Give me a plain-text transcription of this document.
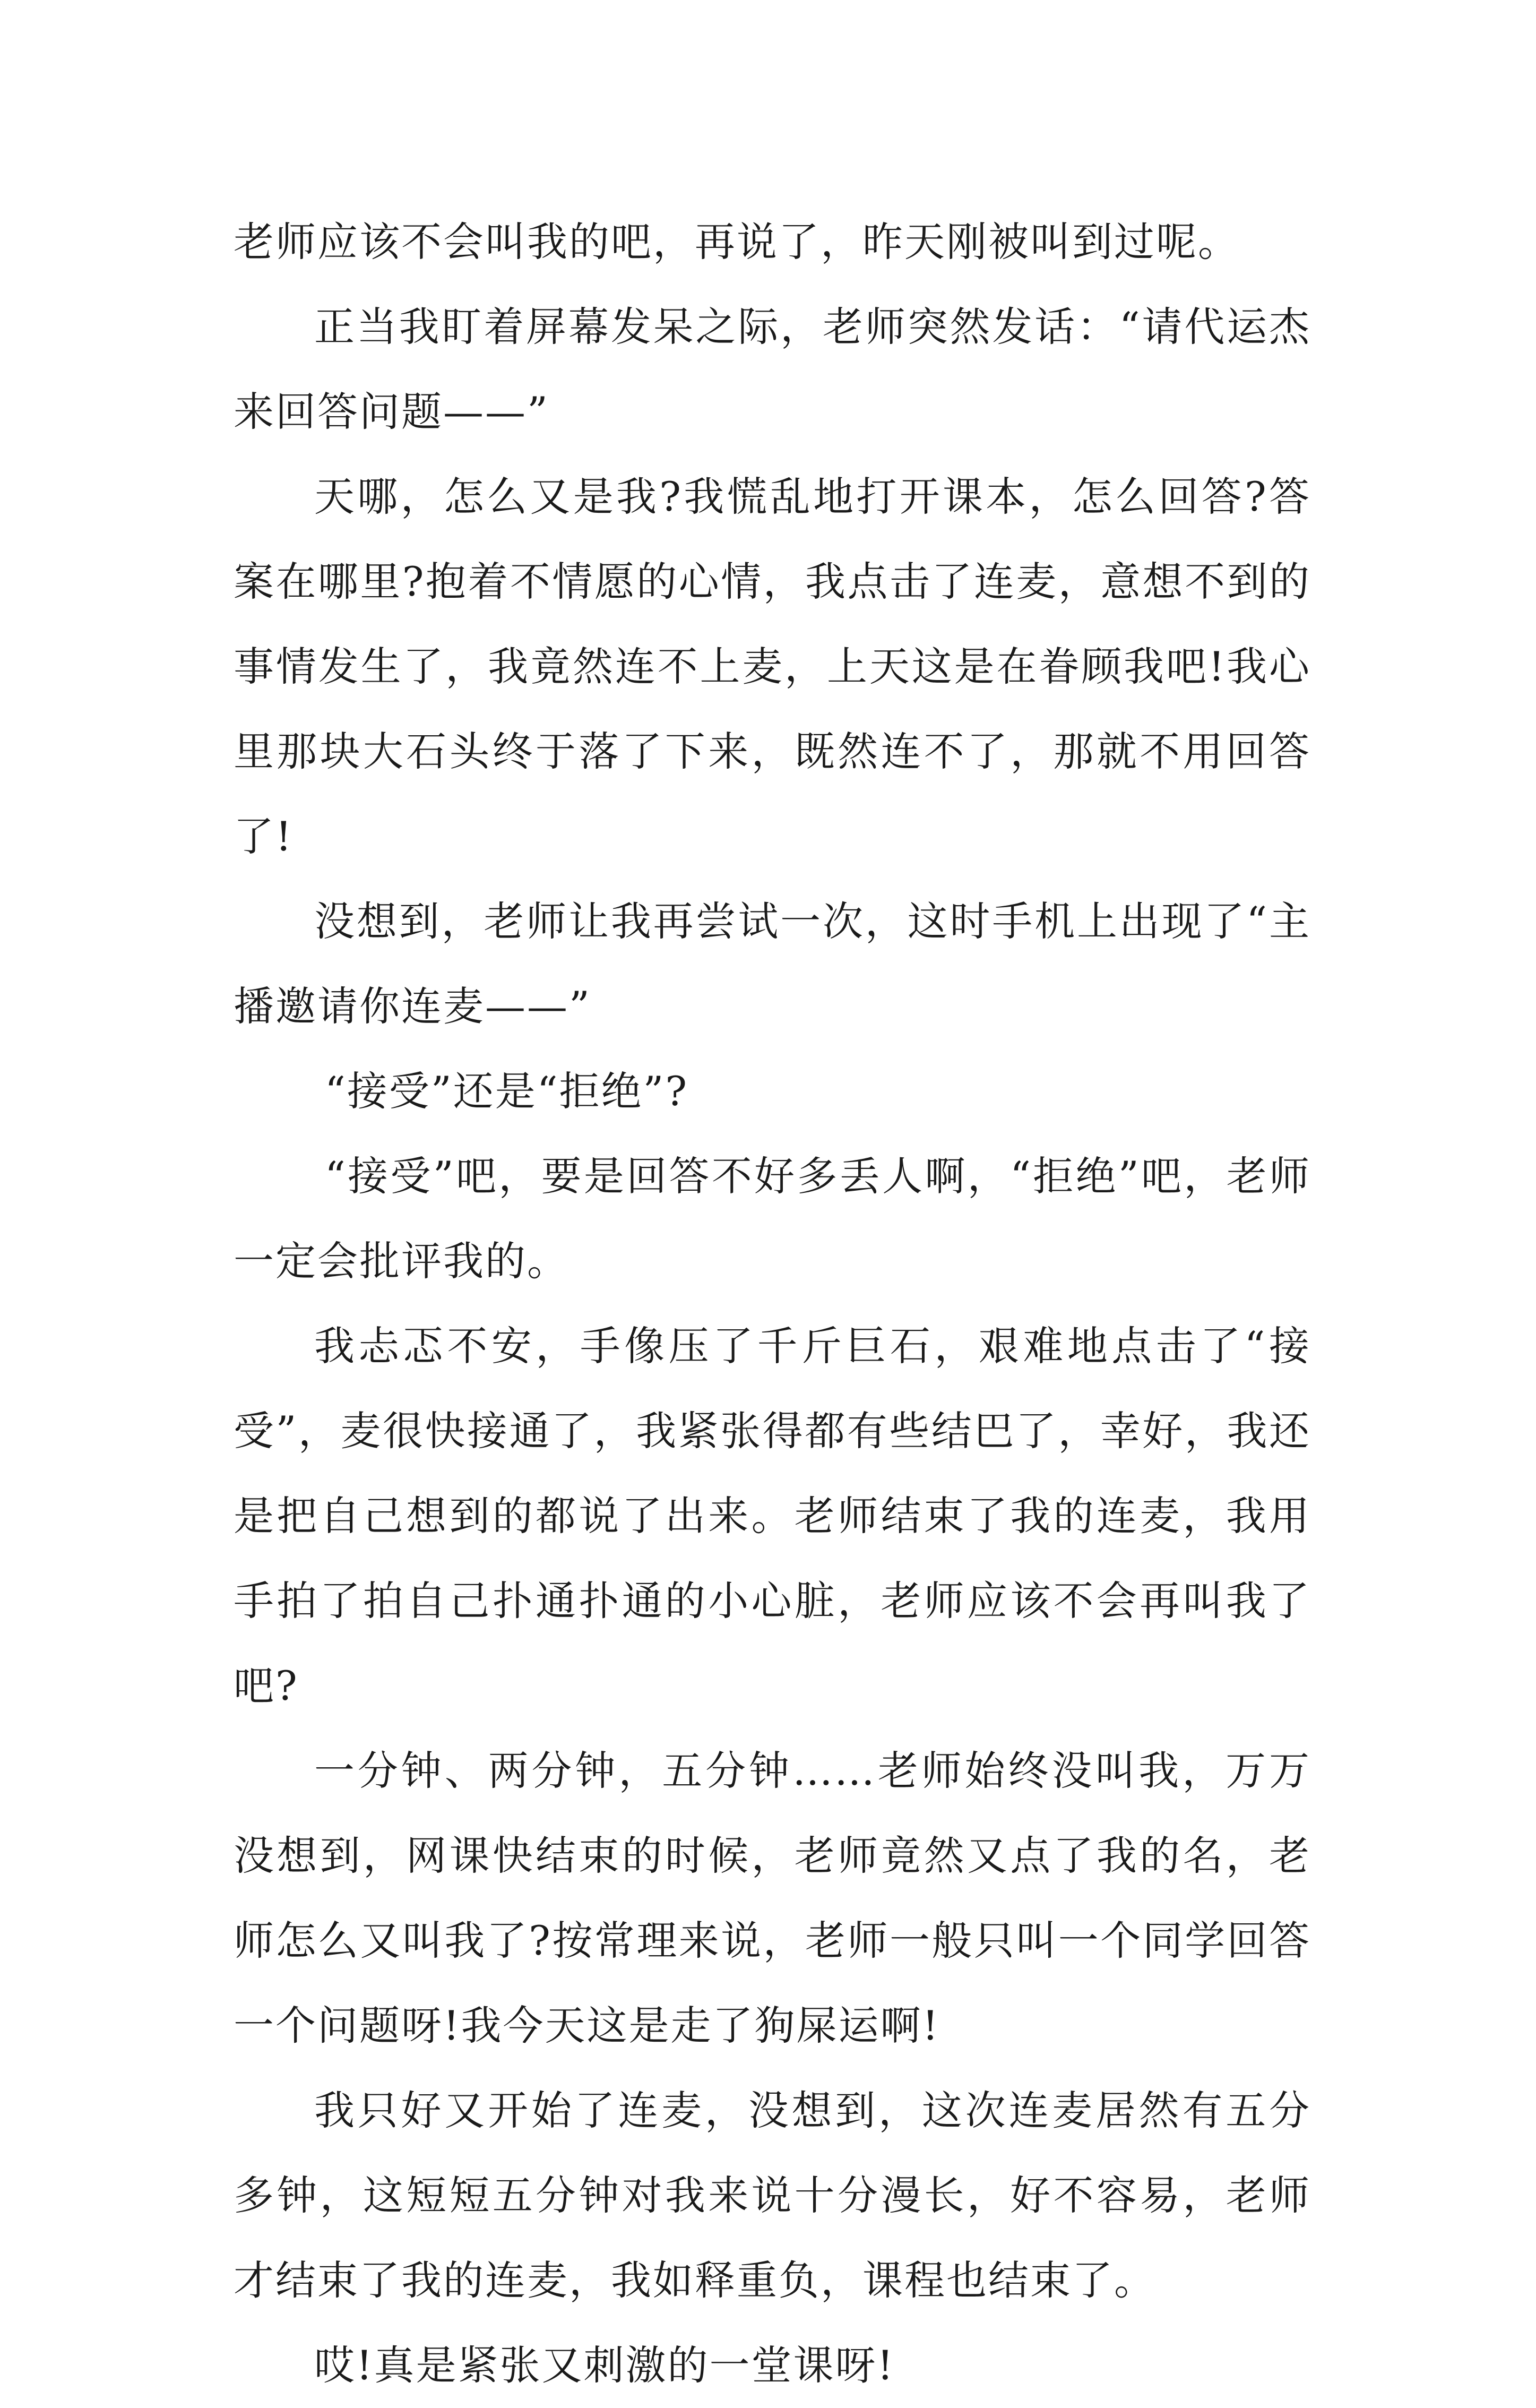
老师应该不会叫我的吧，再说了，昨天刚被叫到过呢。

正当我盯着屏幕发呆之际，老师突然发话：“请代运杰来回答问题——”

天哪，怎么又是我?我慌乱地打开课本，怎么回答?答案在哪里?抱着不情愿的心情，我点击了连麦，意想不到的事情发生了，我竟然连不上麦，上天这是在眷顾我吧!我心里那块大石头终于落了下来，既然连不了，那就不用回答了!

没想到，老师让我再尝试一次，这时手机上出现了“主播邀请你连麦——”

“接受”还是“拒绝”?

“接受”吧，要是回答不好多丢人啊，“拒绝”吧，老师一定会批评我的。

我忐忑不安，手像压了千斤巨石，艰难地点击了“接受”，麦很快接通了，我紧张得都有些结巴了，幸好，我还是把自己想到的都说了出来。老师结束了我的连麦，我用手拍了拍自己扑通扑通的小心脏，老师应该不会再叫我了吧?

一分钟、两分钟，五分钟……老师始终没叫我，万万没想到，网课快结束的时候，老师竟然又点了我的名，老师怎么又叫我了?按常理来说，老师一般只叫一个同学回答一个问题呀!我今天这是走了狗屎运啊!

我只好又开始了连麦，没想到，这次连麦居然有五分多钟，这短短五分钟对我来说十分漫长，好不容易，老师才结束了我的连麦，我如释重负，课程也结束了。

哎!真是紧张又刺激的一堂课呀!
